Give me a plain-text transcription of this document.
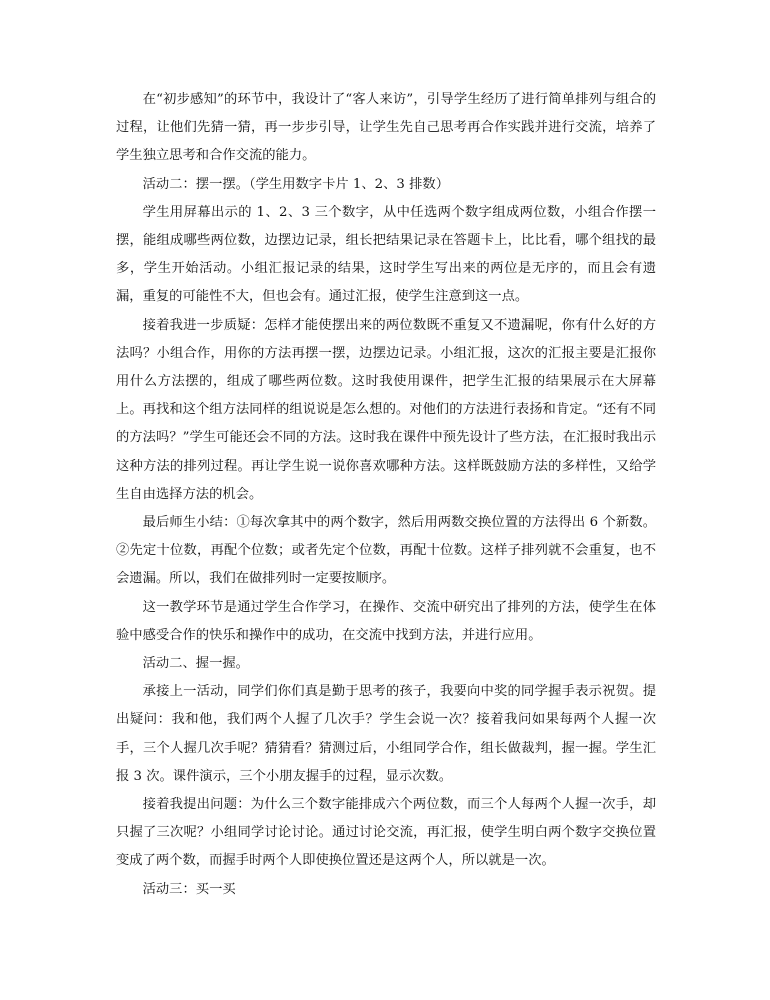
在“初步感知”的环节中，我设计了“客人来访”，引导学生经历了进行简单排列与组合的过程，让他们先猜一猜，再一步步引导，让学生先自己思考再合作实践并进行交流，培养了学生独立思考和合作交流的能力。

活动二：摆一摆。（学生用数字卡片 1、2、3 排数）

学生用屏幕出示的 1、2、3 三个数字，从中任选两个数字组成两位数，小组合作摆一摆，能组成哪些两位数，边摆边记录，组长把结果记录在答题卡上，比比看，哪个组找的最多，学生开始活动。小组汇报记录的结果，这时学生写出来的两位是无序的，而且会有遗漏，重复的可能性不大，但也会有。通过汇报，使学生注意到这一点。

接着我进一步质疑：怎样才能使摆出来的两位数既不重复又不遗漏呢，你有什么好的方法吗？小组合作，用你的方法再摆一摆，边摆边记录。小组汇报，这次的汇报主要是汇报你用什么方法摆的，组成了哪些两位数。这时我使用课件，把学生汇报的结果展示在大屏幕上。再找和这个组方法同样的组说说是怎么想的。对他们的方法进行表扬和肯定。“还有不同的方法吗？”学生可能还会不同的方法。这时我在课件中预先设计了些方法，在汇报时我出示这种方法的排列过程。再让学生说一说你喜欢哪种方法。这样既鼓励方法的多样性，又给学生自由选择方法的机会。

最后师生小结：①每次拿其中的两个数字，然后用两数交换位置的方法得出 6 个新数。②先定十位数，再配个位数；或者先定个位数，再配十位数。这样子排列就不会重复，也不会遗漏。所以，我们在做排列时一定要按顺序。

这一教学环节是通过学生合作学习，在操作、交流中研究出了排列的方法，使学生在体验中感受合作的快乐和操作中的成功，在交流中找到方法，并进行应用。

活动二、握一握。

承接上一活动，同学们你们真是勤于思考的孩子，我要向中奖的同学握手表示祝贺。提出疑问：我和他，我们两个人握了几次手？学生会说一次？接着我问如果每两个人握一次手，三个人握几次手呢？猜猜看？猜测过后，小组同学合作，组长做裁判，握一握。学生汇报 3 次。课件演示，三个小朋友握手的过程，显示次数。

接着我提出问题：为什么三个数字能排成六个两位数，而三个人每两个人握一次手，却只握了三次呢？小组同学讨论讨论。通过讨论交流，再汇报，使学生明白两个数字交换位置变成了两个数，而握手时两个人即使换位置还是这两个人，所以就是一次。

活动三：买一买
